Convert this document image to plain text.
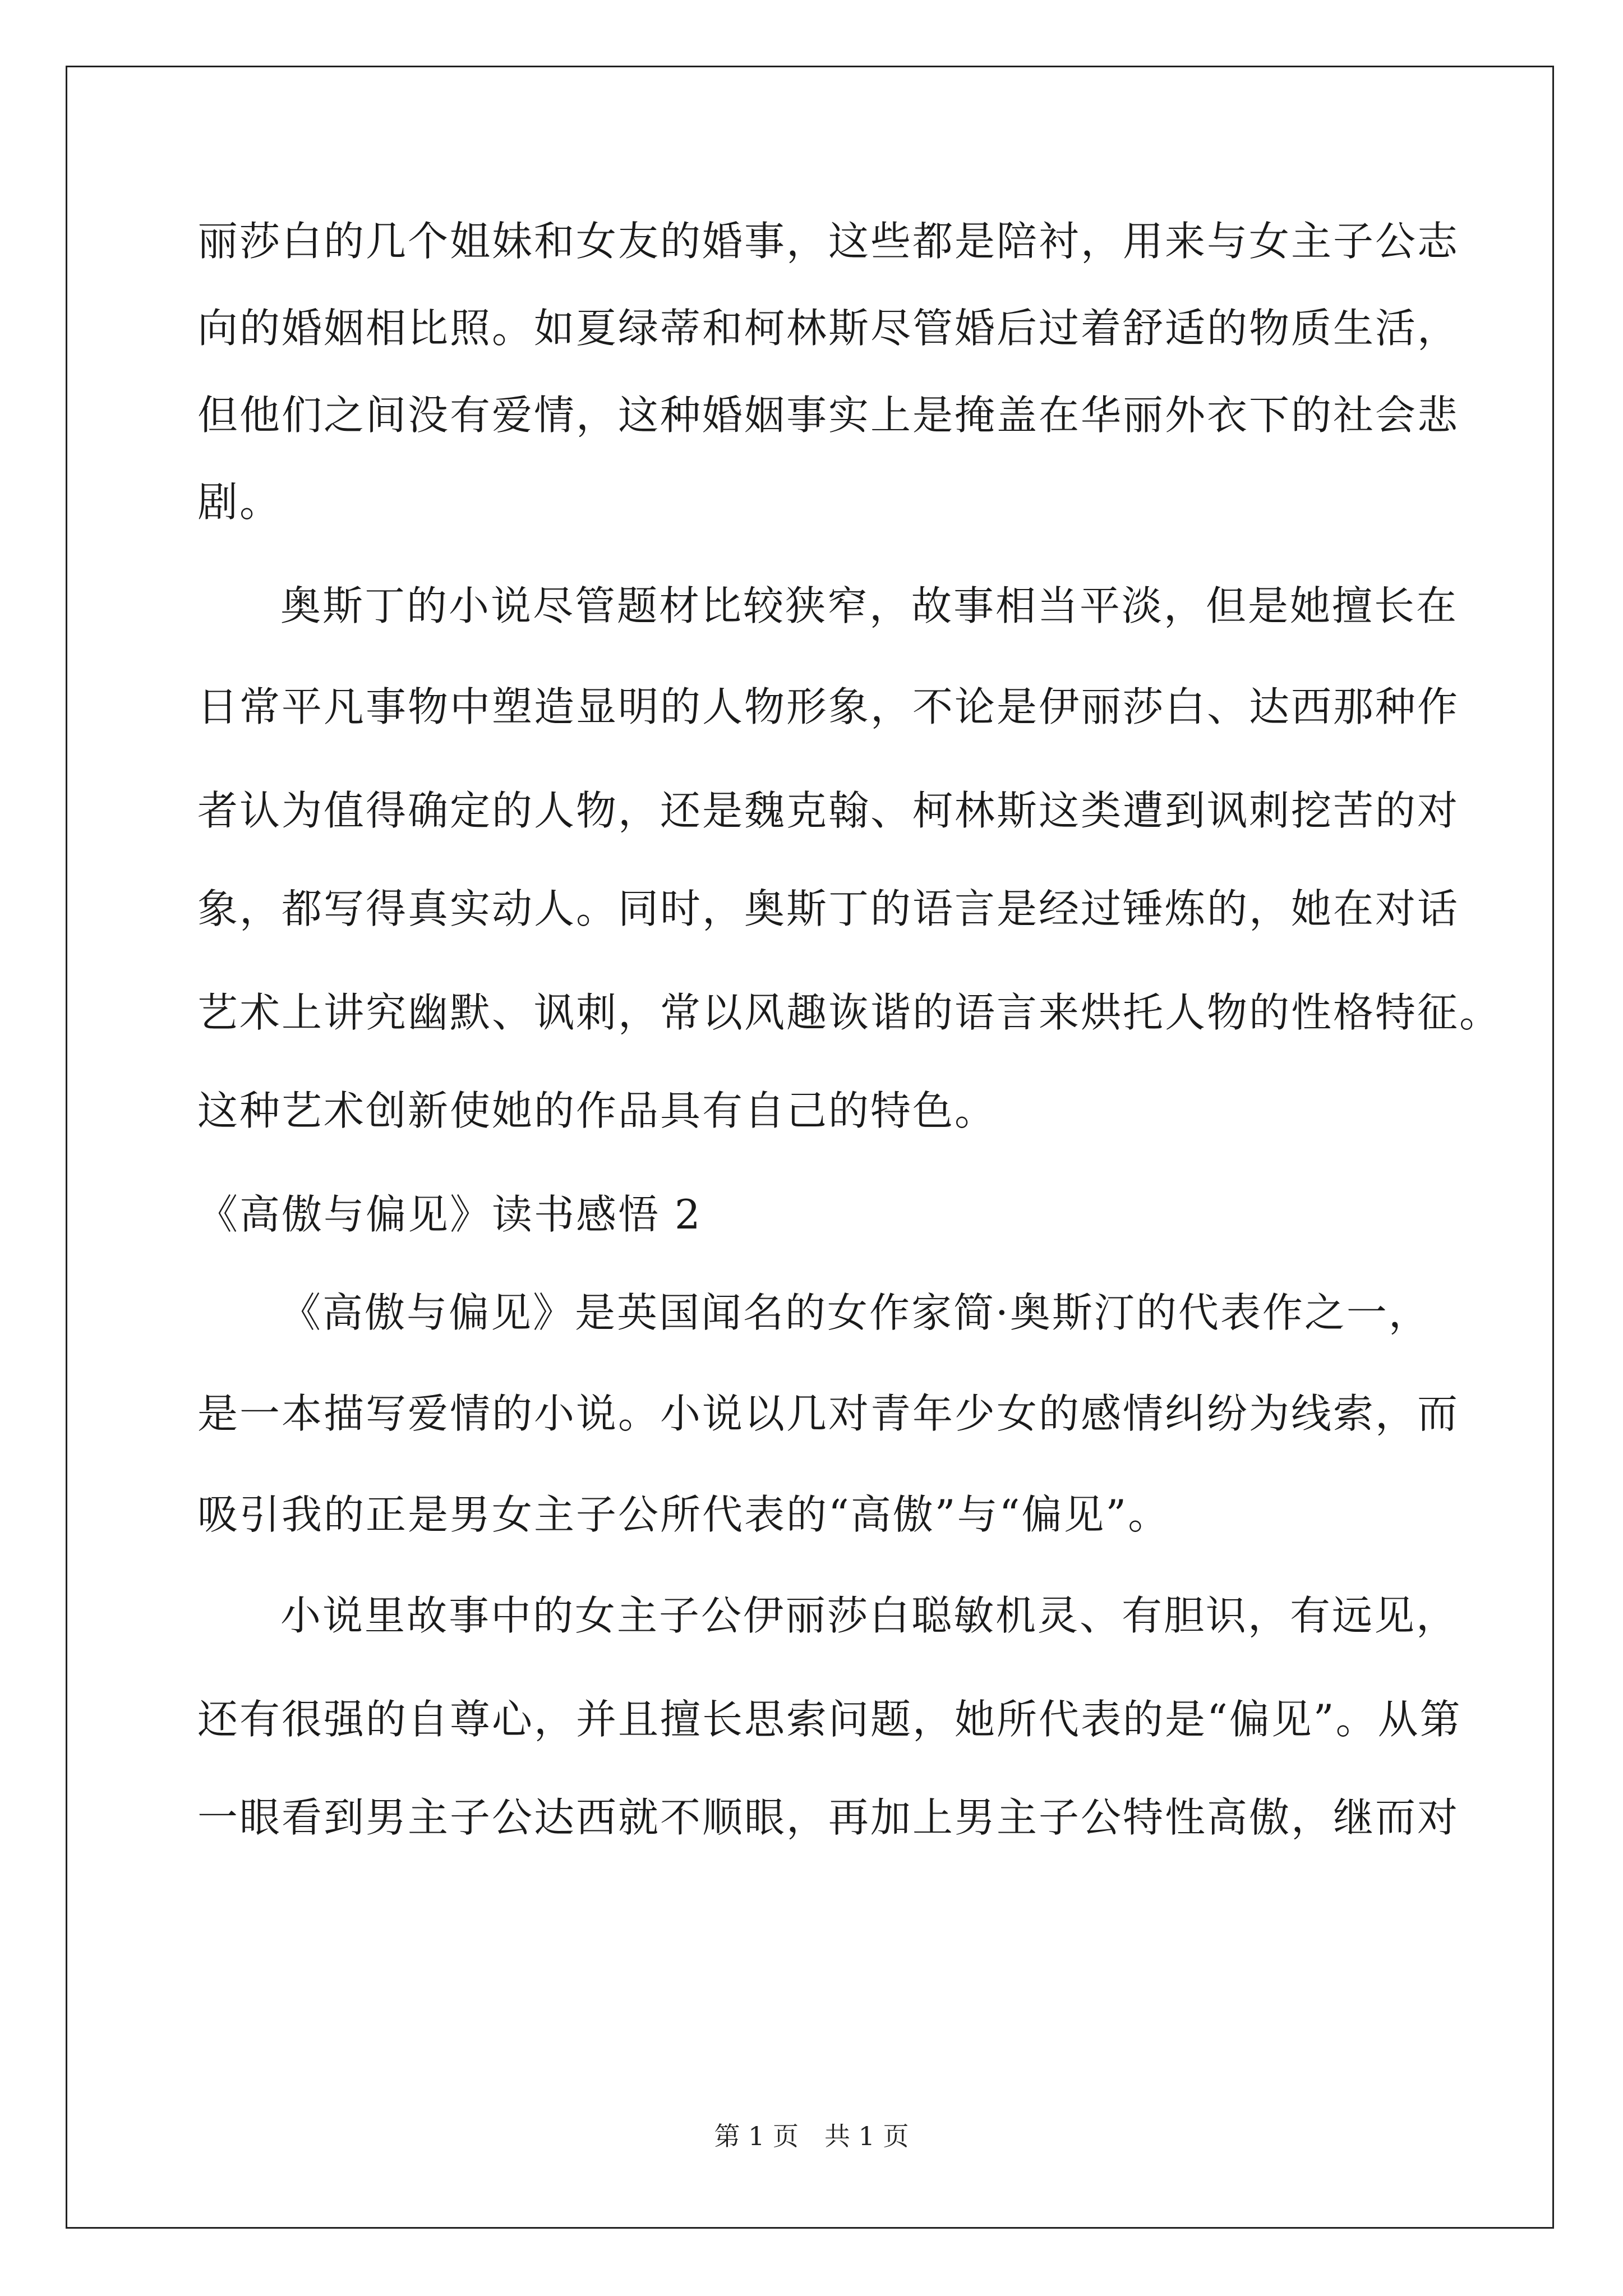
丽莎白的几个姐妹和女友的婚事，这些都是陪衬，用来与女主子公志
向的婚姻相比照。如夏绿蒂和柯林斯尽管婚后过着舒适的物质生活，
但他们之间没有爱情，这种婚姻事实上是掩盖在华丽外衣下的社会悲
剧。
奥斯丁的小说尽管题材比较狭窄，故事相当平淡，但是她擅长在
日常平凡事物中塑造显明的人物形象，不论是伊丽莎白、达西那种作
者认为值得确定的人物，还是魏克翰、柯林斯这类遭到讽刺挖苦的对
象，都写得真实动人。同时，奥斯丁的语言是经过锤炼的，她在对话
艺术上讲究幽默、讽刺，常以风趣诙谐的语言来烘托人物的性格特征。
这种艺术创新使她的作品具有自己的特色。
《高傲与偏见》读书感悟 2
《高傲与偏见》是英国闻名的女作家简·奥斯汀的代表作之一，
是一本描写爱情的小说。小说以几对青年少女的感情纠纷为线索，而
吸引我的正是男女主子公所代表的“高傲”与“偏见”。
小说里故事中的女主子公伊丽莎白聪敏机灵、有胆识，有远见，
还有很强的自尊心，并且擅长思索问题，她所代表的是“偏见”。从第
一眼看到男主子公达西就不顺眼，再加上男主子公特性高傲，继而对
第 1 页 共 1 页
